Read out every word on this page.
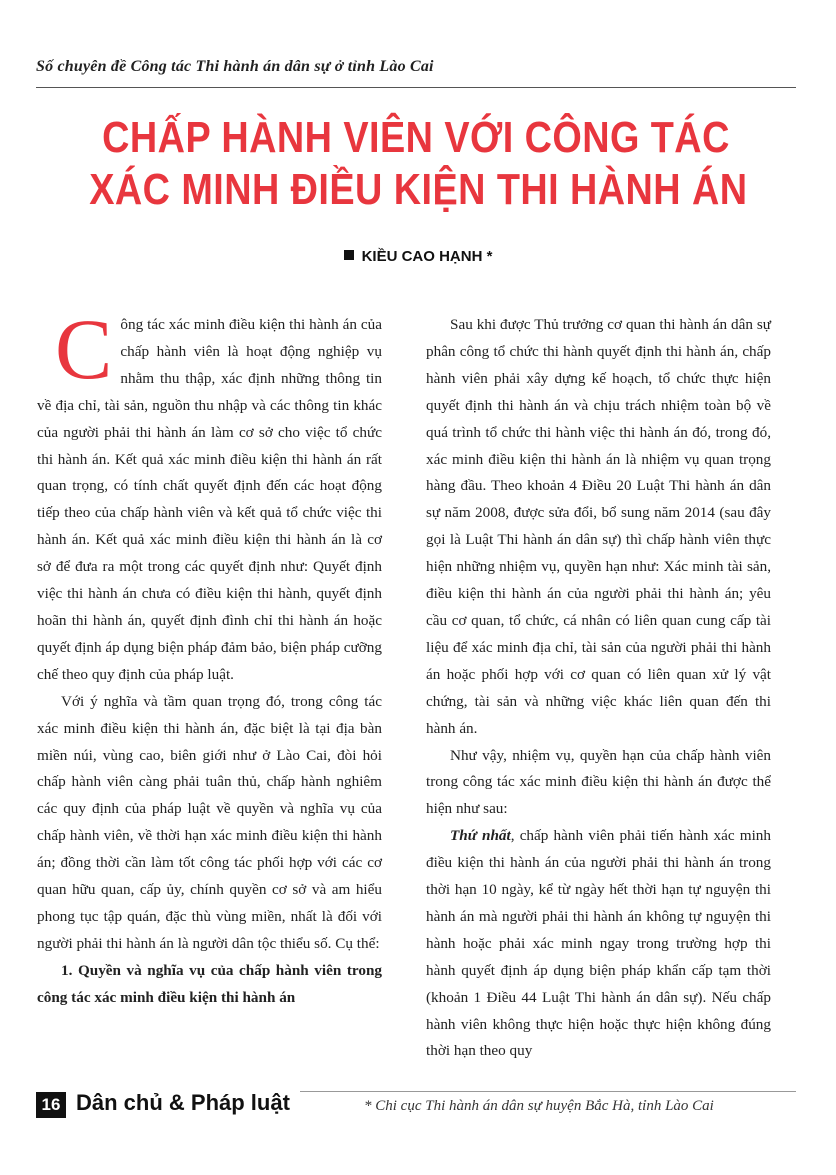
Số chuyên đề Công tác Thi hành án dân sự ở tỉnh Lào Cai
CHẤP HÀNH VIÊN VỚI CÔNG TÁC
XÁC MINH ĐIỀU KIỆN THI HÀNH ÁN
KIỀU CAO HẠNH *

Công tác xác minh điều kiện thi hành án của chấp hành viên là hoạt động nghiệp vụ nhằm thu thập, xác định những thông tin về địa chỉ, tài sản, nguồn thu nhập và các thông tin khác của người phải thi hành án làm cơ sở cho việc tổ chức thi hành án. Kết quả xác minh điều kiện thi hành án rất quan trọng, có tính chất quyết định đến các hoạt động tiếp theo của chấp hành viên và kết quả tổ chức việc thi hành án. Kết quả xác minh điều kiện thi hành án là cơ sở để đưa ra một trong các quyết định như: Quyết định việc thi hành án chưa có điều kiện thi hành, quyết định hoãn thi hành án, quyết định đình chỉ thi hành án hoặc quyết định áp dụng biện pháp đảm bảo, biện pháp cưỡng chế theo quy định của pháp luật.

Với ý nghĩa và tầm quan trọng đó, trong công tác xác minh điều kiện thi hành án, đặc biệt là tại địa bàn miền núi, vùng cao, biên giới như ở Lào Cai, đòi hỏi chấp hành viên càng phải tuân thủ, chấp hành nghiêm các quy định của pháp luật về quyền và nghĩa vụ của chấp hành viên, về thời hạn xác minh điều kiện thi hành án; đồng thời cần làm tốt công tác phối hợp với các cơ quan hữu quan, cấp ủy, chính quyền cơ sở và am hiểu phong tục tập quán, đặc thù vùng miền, nhất là đối với người phải thi hành án là người dân tộc thiểu số. Cụ thể:

1. Quyền và nghĩa vụ của chấp hành viên trong công tác xác minh điều kiện thi hành án

Sau khi được Thủ trưởng cơ quan thi hành án dân sự phân công tổ chức thi hành quyết định thi hành án, chấp hành viên phải xây dựng kế hoạch, tổ chức thực hiện quyết định thi hành án và chịu trách nhiệm toàn bộ về quá trình tổ chức thi hành việc thi hành án đó, trong đó, xác minh điều kiện thi hành án là nhiệm vụ quan trọng hàng đầu. Theo khoản 4 Điều 20 Luật Thi hành án dân sự năm 2008, được sửa đổi, bổ sung năm 2014 (sau đây gọi là Luật Thi hành án dân sự) thì chấp hành viên thực hiện những nhiệm vụ, quyền hạn như: Xác minh tài sản, điều kiện thi hành án của người phải thi hành án; yêu cầu cơ quan, tổ chức, cá nhân có liên quan cung cấp tài liệu để xác minh địa chỉ, tài sản của người phải thi hành án hoặc phối hợp với cơ quan có liên quan xử lý vật chứng, tài sản và những việc khác liên quan đến thi hành án.

Như vậy, nhiệm vụ, quyền hạn của chấp hành viên trong công tác xác minh điều kiện thi hành án được thể hiện như sau:

Thứ nhất, chấp hành viên phải tiến hành xác minh điều kiện thi hành án của người phải thi hành án trong thời hạn 10 ngày, kể từ ngày hết thời hạn tự nguyện thi hành án mà người phải thi hành án không tự nguyện thi hành hoặc phải xác minh ngay trong trường hợp thi hành quyết định áp dụng biện pháp khẩn cấp tạm thời (khoản 1 Điều 44 Luật Thi hành án dân sự). Nếu chấp hành viên không thực hiện hoặc thực hiện không đúng thời hạn theo quy

16 Dân chủ & Pháp luật	* Chi cục Thi hành án dân sự huyện Bắc Hà, tỉnh Lào Cai
